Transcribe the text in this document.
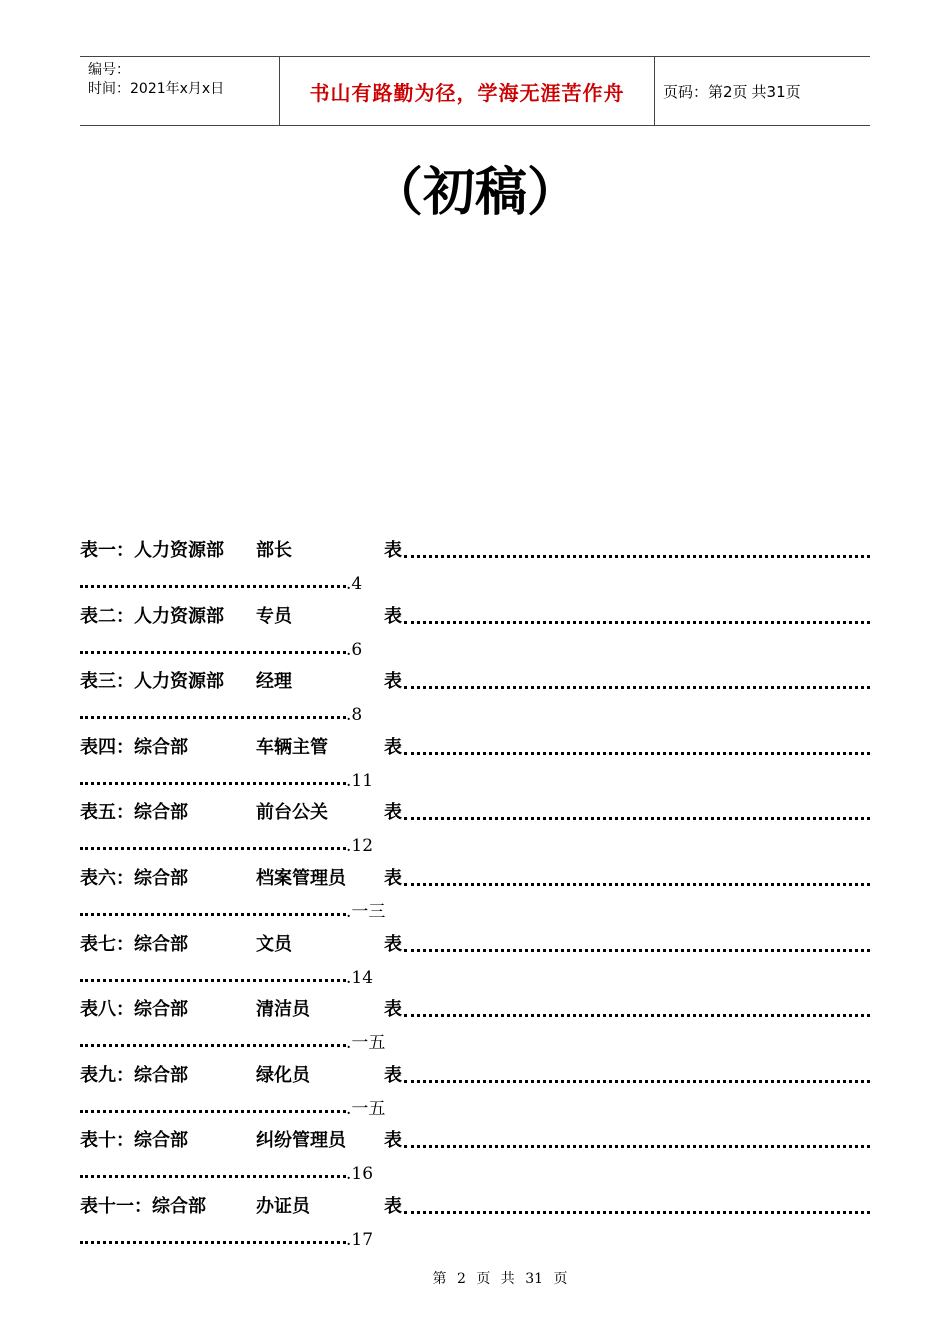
编号：
时间：2021年x月x日	书山有路勤为径，学海无涯苦作舟	页码：第2页 共31页
（初稿）
表一：人力资源部 部长	表
.4
表二：人力资源部 专员	表
.6
表三：人力资源部 经理	表
.8
表四：综合部	车辆主管	表
.11
表五：综合部	前台公关	表
.12
表六：综合部	档案管理员 表
.一三
表七：综合部	文员	表
.14
表八：综合部	清洁员	表
.一五
表九：综合部	绿化员	表
.一五
表十：综合部	纠纷管理员 表
.16
表十一：综合部	办证员	表
.17
第 2 页 共 31 页
